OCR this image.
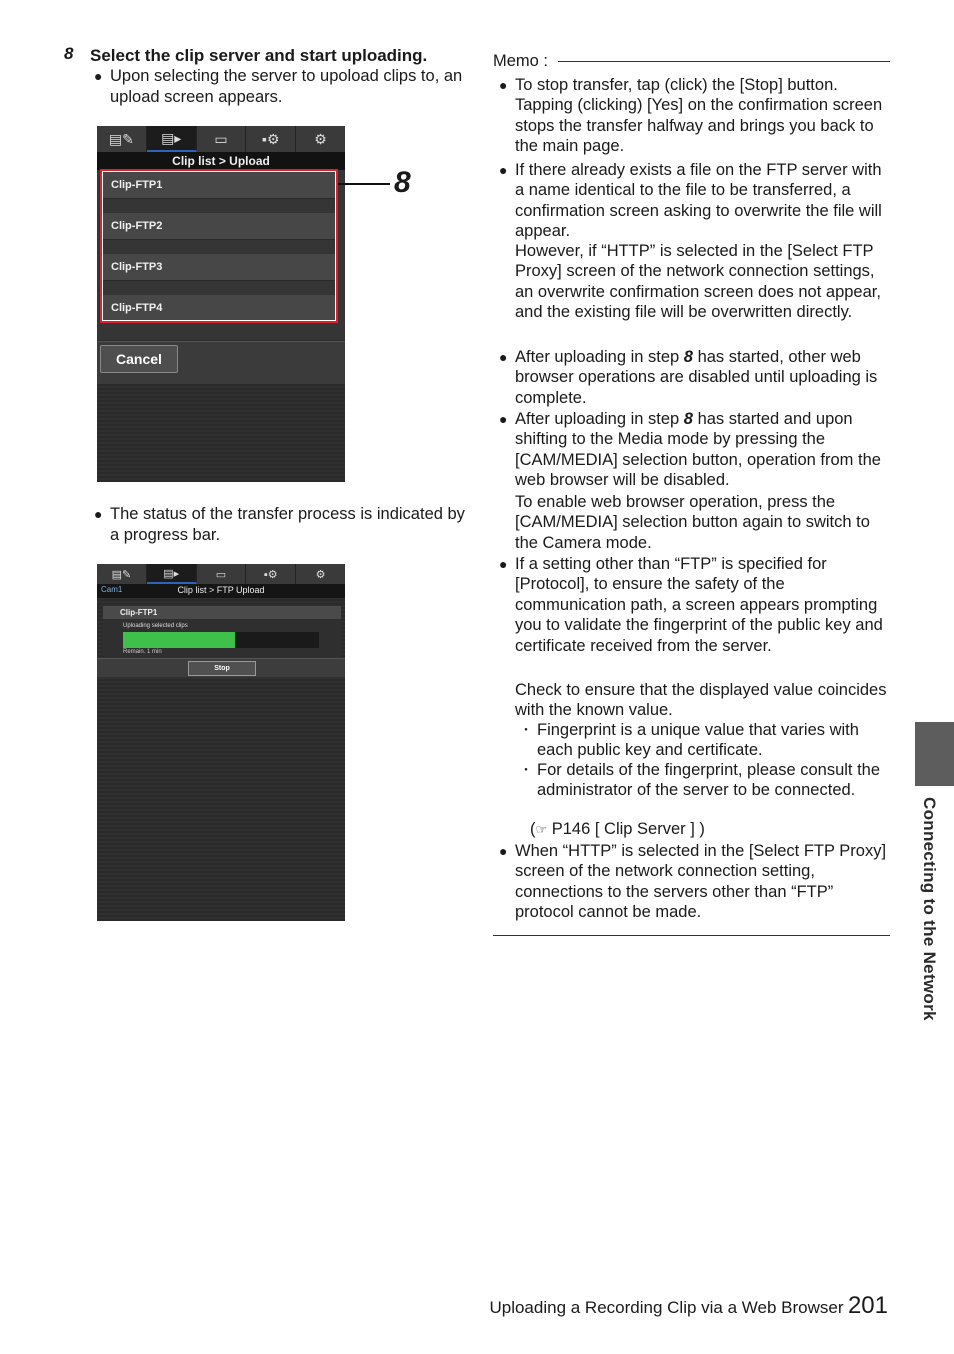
8 Select the clip server and start uploading.
● Upon selecting the server to upoload clips to, an upload screen appears.
▤✎ ▤▸ ▭ ▪⚙ ⚙
Clip list > Upload
Clip-FTP1
Clip-FTP2
Clip-FTP3
Clip-FTP4
Cancel
8
● The status of the transfer process is indicated by a progress bar.
▤✎	▤▸	▭	▪⚙	⚙
Cam1	Clip list > FTP Upload
Clip-FTP1
Uploading selected clips
Remain. 1 min
Stop
Memo :
● To stop transfer, tap (click) the [Stop] button. Tapping (clicking) [Yes] on the confirmation screen stops the transfer halfway and brings you back to the main page.
● If there already exists a file on the FTP server with a name identical to the file to be transferred, a confirmation screen asking to overwrite the file will appear.
However, if “HTTP” is selected in the [Select FTP Proxy] screen of the network connection settings, an overwrite confirmation screen does not appear, and the existing file will be overwritten directly.
● After uploading in step 8 has started, other web browser operations are disabled until uploading is complete.
● After uploading in step 8 has started and upon shifting to the Media mode by pressing the [CAM/MEDIA] selection button, operation from the web browser will be disabled.
To enable web browser operation, press the [CAM/MEDIA] selection button again to switch to the Camera mode.
● If a setting other than “FTP” is specified for [Protocol], to ensure the safety of the communication path, a screen appears prompting you to validate the fingerprint of the public key and certificate received from the server.
Check to ensure that the displayed value coincides with the known value.
・ Fingerprint is a unique value that varies with each public key and certificate.
・ For details of the fingerprint, please consult the administrator of the server to be connected.
(☞ P146 [ Clip Server ] )
● When “HTTP” is selected in the [Select FTP Proxy] screen of the network connection setting, connections to the servers other than “FTP” protocol cannot be made.	Connecting to the Network
Uploading a Recording Clip via a Web Browser 201
